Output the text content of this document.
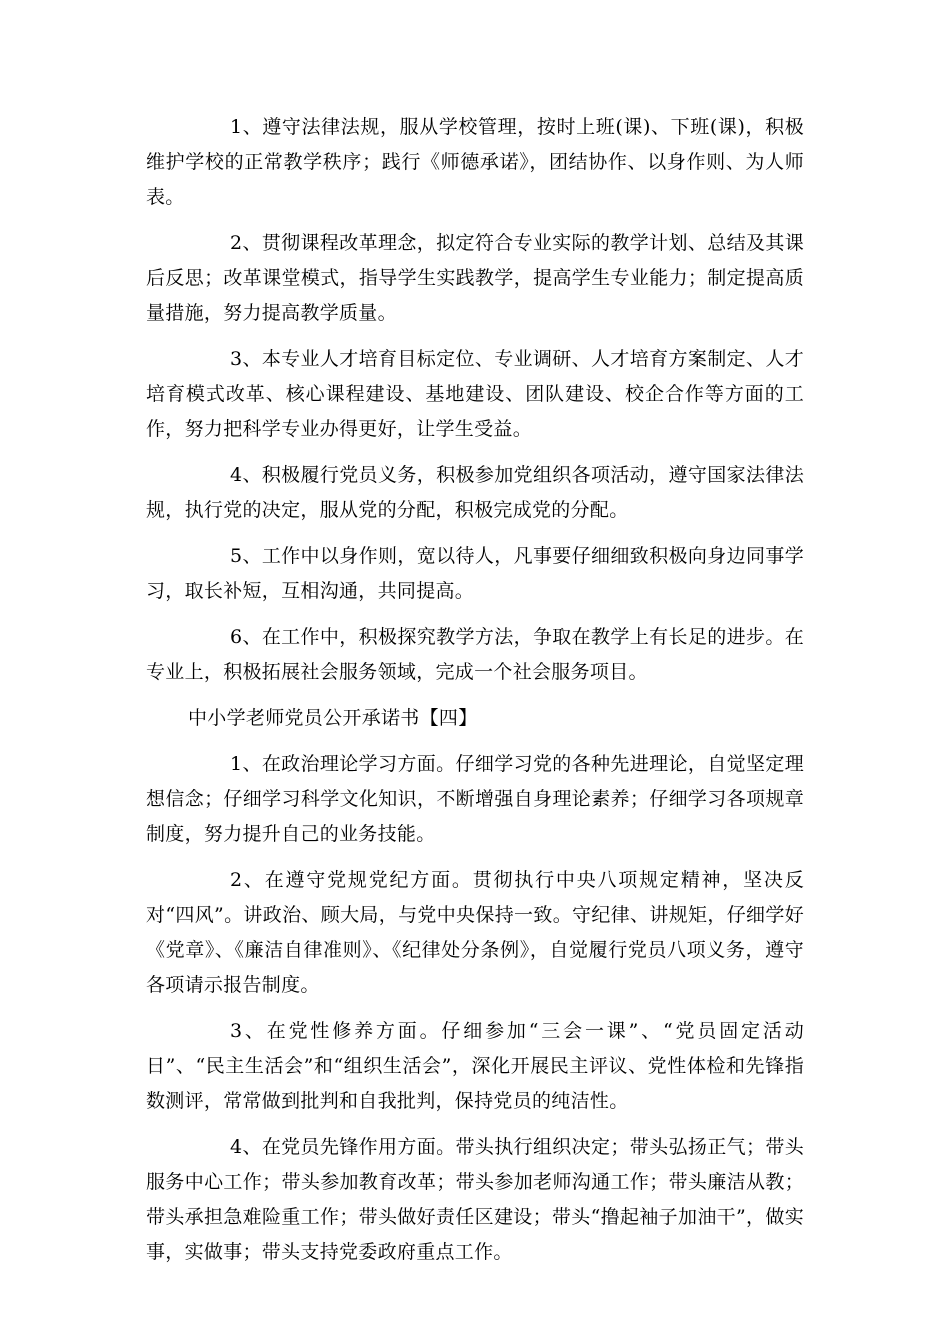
1、遵守法律法规，服从学校管理，按时上班(课)、下班(课)，积极维护学校的正常教学秩序；践行《师德承诺》，团结协作、以身作则、为人师表。

2、贯彻课程改革理念，拟定符合专业实际的教学计划、总结及其课后反思；改革课堂模式，指导学生实践教学，提高学生专业能力；制定提高质量措施，努力提高教学质量。

3、本专业人才培育目标定位、专业调研、人才培育方案制定、人才培育模式改革、核心课程建设、基地建设、团队建设、校企合作等方面的工作，努力把科学专业办得更好，让学生受益。

4、积极履行党员义务，积极参加党组织各项活动，遵守国家法律法规，执行党的决定，服从党的分配，积极完成党的分配。

5、工作中以身作则，宽以待人，凡事要仔细细致积极向身边同事学习，取长补短，互相沟通，共同提高。

6、在工作中，积极探究教学方法，争取在教学上有长足的进步。在专业上，积极拓展社会服务领域，完成一个社会服务项目。

中小学老师党员公开承诺书【四】

1、在政治理论学习方面。仔细学习党的各种先进理论，自觉坚定理想信念；仔细学习科学文化知识，不断增强自身理论素养；仔细学习各项规章制度，努力提升自己的业务技能。

2、在遵守党规党纪方面。贯彻执行中央八项规定精神，坚决反对“四风”。讲政治、顾大局，与党中央保持一致。守纪律、讲规矩，仔细学好《党章》、《廉洁自律准则》、《纪律处分条例》，自觉履行党员八项义务，遵守各项请示报告制度。

3、在党性修养方面。仔细参加“三会一课”、“党员固定活动日”、“民主生活会”和“组织生活会”，深化开展民主评议、党性体检和先锋指数测评，常常做到批判和自我批判，保持党员的纯洁性。

4、在党员先锋作用方面。带头执行组织决定；带头弘扬正气；带头服务中心工作；带头参加教育改革；带头参加老师沟通工作；带头廉洁从教；带头承担急难险重工作；带头做好责任区建设；带头“撸起袖子加油干”，做实事，实做事；带头支持党委政府重点工作。
